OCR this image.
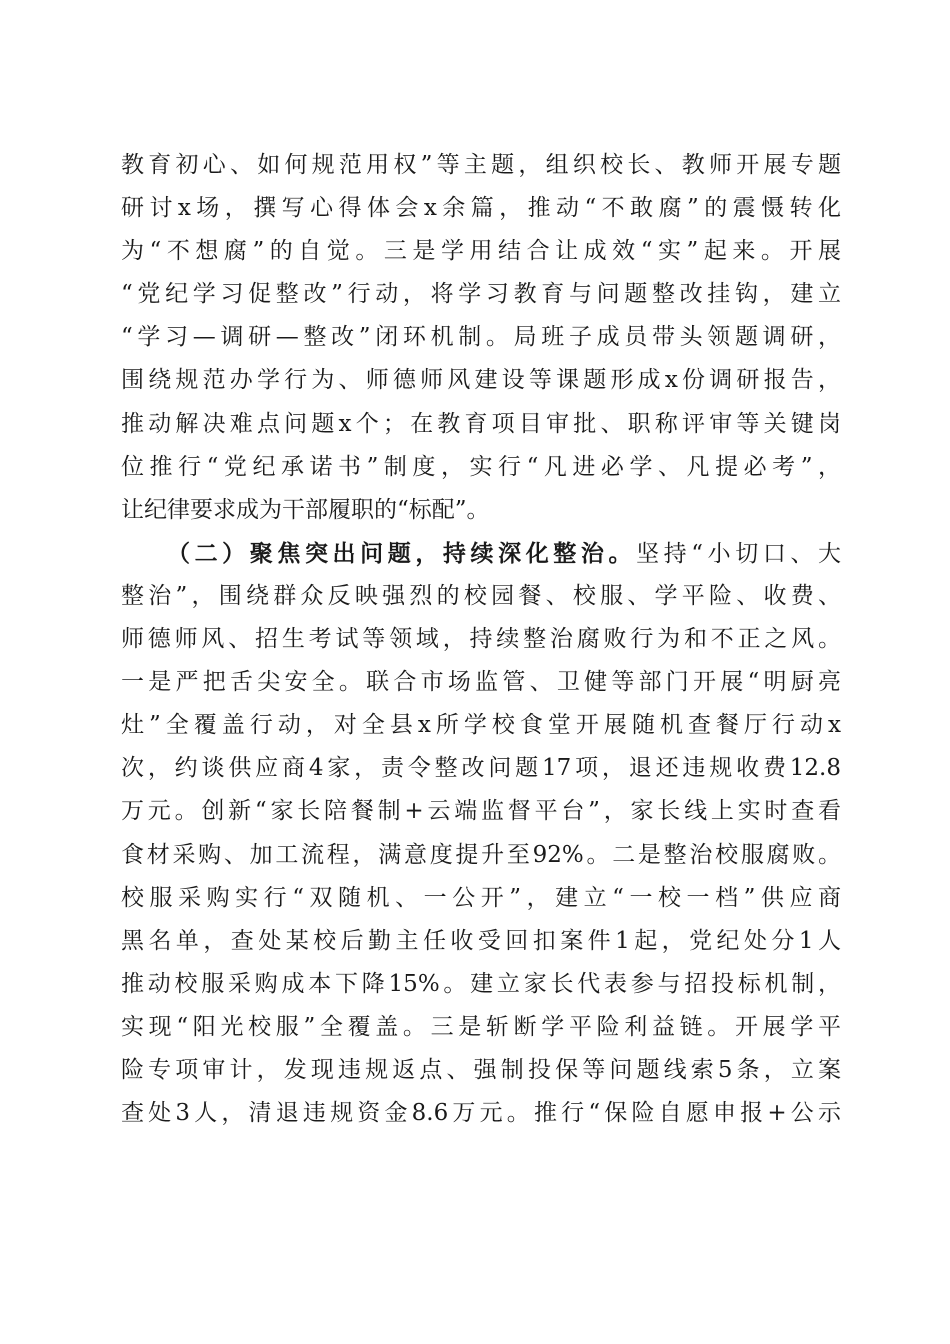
教育初心、如何规范用权”等主题，组织校长、教师开展专题
研讨x场，撰写心得体会x余篇，推动“不敢腐”的震慑转化
为“不想腐”的自觉。三是学用结合让成效“实”起来。开展
“党纪学习促整改”行动，将学习教育与问题整改挂钩，建立
“学习—调研—整改”闭环机制。局班子成员带头领题调研，
围绕规范办学行为、师德师风建设等课题形成x份调研报告，
推动解决难点问题x个；在教育项目审批、职称评审等关键岗
位推行“党纪承诺书”制度，实行“凡进必学、凡提必考”，
让纪律要求成为干部履职的“标配”。
（二）聚焦突出问题，持续深化整治。坚持“小切口、大
整治”，围绕群众反映强烈的校园餐、校服、学平险、收费、
师德师风、招生考试等领域，持续整治腐败行为和不正之风。
一是严把舌尖安全。联合市场监管、卫健等部门开展“明厨亮
灶”全覆盖行动，对全县x所学校食堂开展随机查餐厅行动x
次，约谈供应商4家，责令整改问题17项，退还违规收费12.8
万元。创新“家长陪餐制+云端监督平台”，家长线上实时查看
食材采购、加工流程，满意度提升至92%。二是整治校服腐败。
校服采购实行“双随机、一公开”，建立“一校一档”供应商
黑名单，查处某校后勤主任收受回扣案件1起，党纪处分1人
推动校服采购成本下降15%。建立家长代表参与招投标机制，
实现“阳光校服”全覆盖。三是斩断学平险利益链。开展学平
险专项审计，发现违规返点、强制投保等问题线索5条，立案
查处3人，清退违规资金8.6万元。推行“保险自愿申报+公示
